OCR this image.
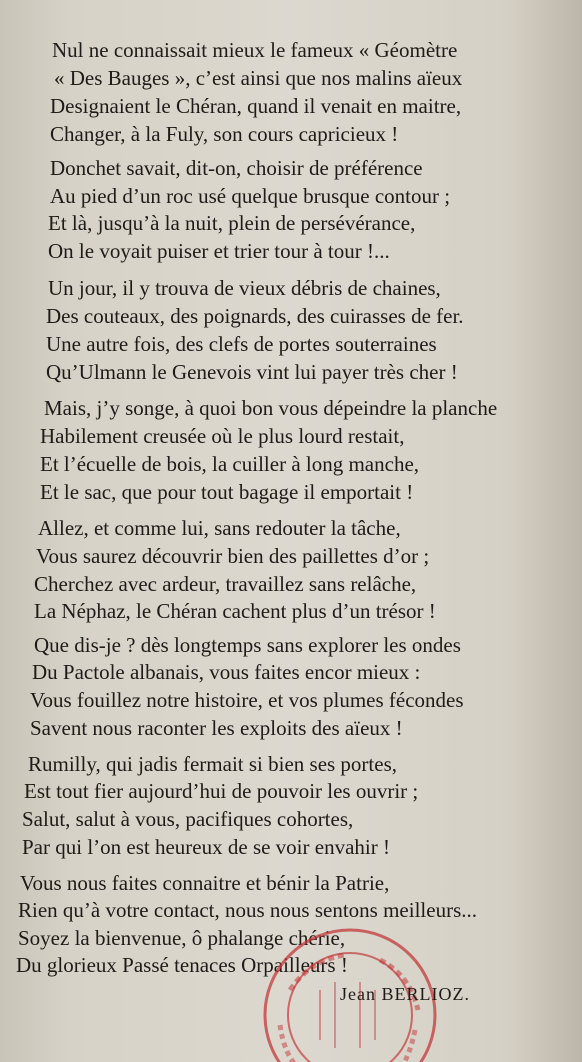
Nul ne connaissait mieux le fameux « Géomètre
« Des Bauges », c’est ainsi que nos malins aïeux
Designaient le Chéran, quand il venait en maitre,
Changer, à la Fuly, son cours capricieux !
Donchet savait, dit-on, choisir de préférence
Au pied d’un roc usé quelque brusque contour ;
Et là, jusqu’à la nuit, plein de persévérance,
On le voyait puiser et trier tour à tour !...
Un jour, il y trouva de vieux débris de chaines,
Des couteaux, des poignards, des cuirasses de fer.
Une autre fois, des clefs de portes souterraines
Qu’Ulmann le Genevois vint lui payer très cher !
Mais, j’y songe, à quoi bon vous dépeindre la planche
Habilement creusée où le plus lourd restait,
Et l’écuelle de bois, la cuiller à long manche,
Et le sac, que pour tout bagage il emportait !
Allez, et comme lui, sans redouter la tâche,
Vous saurez découvrir bien des paillettes d’or ;
Cherchez avec ardeur, travaillez sans relâche,
La Néphaz, le Chéran cachent plus d’un trésor !
Que dis-je ? dès longtemps sans explorer les ondes
Du Pactole albanais, vous faites encor mieux :
Vous fouillez notre histoire, et vos plumes fécondes
Savent nous raconter les exploits des aïeux !
Rumilly, qui jadis fermait si bien ses portes,
Est tout fier aujourd’hui de pouvoir les ouvrir ;
Salut, salut à vous, pacifiques cohortes,
Par qui l’on est heureux de se voir envahir !
Vous nous faites connaitre et bénir la Patrie,
Rien qu’à votre contact, nous nous sentons meilleurs...
Soyez la bienvenue, ô phalange chérie,
Du glorieux Passé tenaces Orpailleurs !
Jean BERLIOZ.
